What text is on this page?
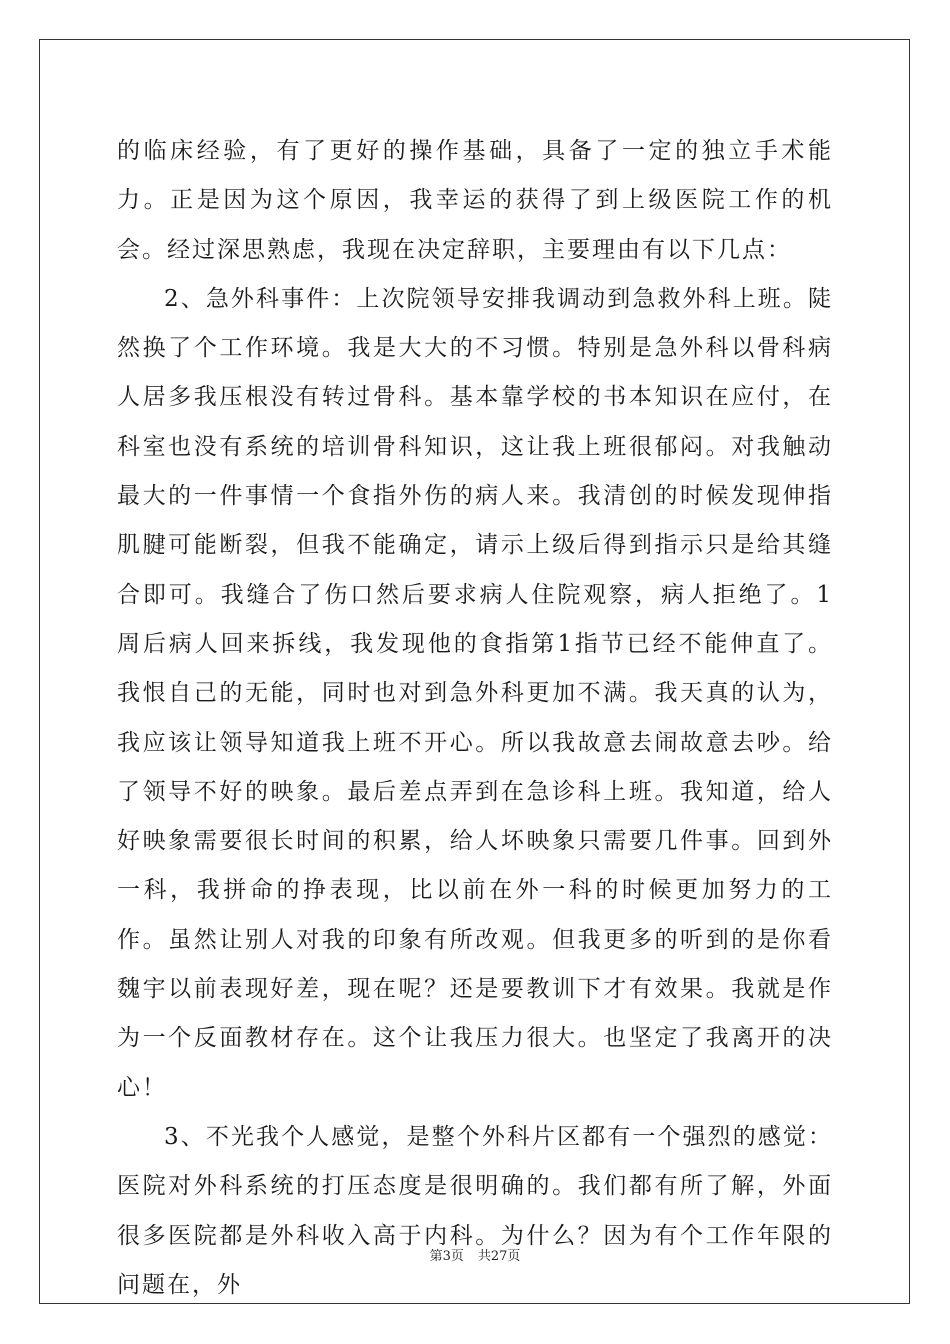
的临床经验，有了更好的操作基础，具备了一定的独立手术能力。正是因为这个原因，我幸运的获得了到上级医院工作的机会。经过深思熟虑，我现在决定辞职，主要理由有以下几点：

2、急外科事件：上次院领导安排我调动到急救外科上班。陡然换了个工作环境。我是大大的不习惯。特别是急外科以骨科病人居多我压根没有转过骨科。基本靠学校的书本知识在应付，在科室也没有系统的培训骨科知识，这让我上班很郁闷。对我触动最大的一件事情一个食指外伤的病人来。我清创的时候发现伸指肌腱可能断裂，但我不能确定，请示上级后得到指示只是给其缝合即可。我缝合了伤口然后要求病人住院观察，病人拒绝了。1周后病人回来拆线，我发现他的食指第1指节已经不能伸直了。我恨自己的无能，同时也对到急外科更加不满。我天真的认为，我应该让领导知道我上班不开心。所以我故意去闹故意去吵。给了领导不好的映象。最后差点弄到在急诊科上班。我知道，给人好映象需要很长时间的积累，给人坏映象只需要几件事。回到外一科，我拼命的挣表现，比以前在外一科的时候更加努力的工作。虽然让别人对我的印象有所改观。但我更多的听到的是你看魏宇以前表现好差，现在呢？还是要教训下才有效果。我就是作为一个反面教材存在。这个让我压力很大。也坚定了我离开的决心！

3、不光我个人感觉，是整个外科片区都有一个强烈的感觉：医院对外科系统的打压态度是很明确的。我们都有所了解，外面很多医院都是外科收入高于内科。为什么？因为有个工作年限的问题在，外

第3页 共27页
